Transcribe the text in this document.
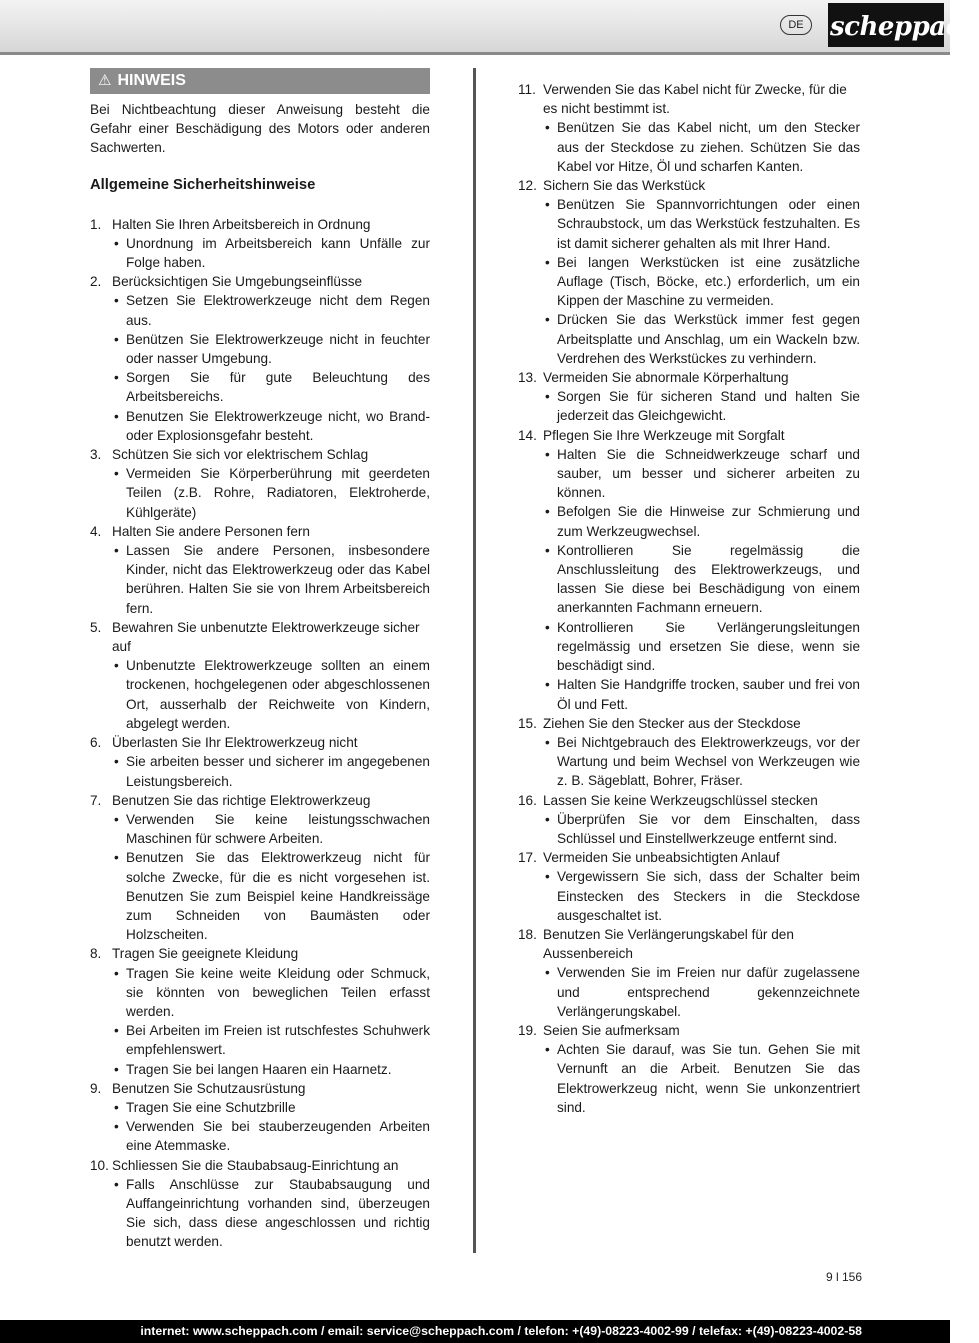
DE	scheppach
⚠ HINWEIS

Bei Nichtbeachtung dieser Anweisung besteht die Gefahr einer Beschädigung des Motors oder anderen Sachwerten.

Allgemeine Sicherheitshinweise
1. Halten Sie Ihren Arbeitsbereich in Ordnung
• Unordnung im Arbeitsbereich kann Unfälle zur Folge haben.
2. Berücksichtigen Sie Umgebungseinflüsse
• Setzen Sie Elektrowerkzeuge nicht dem Regen aus.
• Benützen Sie Elektrowerkzeuge nicht in feuchter oder nasser Umgebung.
• Sorgen Sie für gute Beleuchtung des Arbeitsbereichs.
• Benutzen Sie Elektrowerkzeuge nicht, wo Brand- oder Explosionsgefahr besteht.
3. Schützen Sie sich vor elektrischem Schlag
• Vermeiden Sie Körperberührung mit geerdeten Teilen (z.B. Rohre, Radiatoren, Elektroherde, Kühlgeräte)
4. Halten Sie andere Personen fern
• Lassen Sie andere Personen, insbesondere Kinder, nicht das Elektrowerkzeug oder das Kabel berühren. Halten Sie sie von Ihrem Arbeitsbereich fern.
5. Bewahren Sie unbenutzte Elektrowerkzeuge sicher auf
• Unbenutzte Elektrowerkzeuge sollten an einem trockenen, hochgelegenen oder abgeschlossenen Ort, ausserhalb der Reichweite von Kindern, abgelegt werden.
6. Überlasten Sie Ihr Elektrowerkzeug nicht
• Sie arbeiten besser und sicherer im angegebenen Leistungsbereich.
7. Benutzen Sie das richtige Elektrowerkzeug
• Verwenden Sie keine leistungsschwachen Maschinen für schwere Arbeiten.
• Benutzen Sie das Elektrowerkzeug nicht für solche Zwecke, für die es nicht vorgesehen ist. Benutzen Sie zum Beispiel keine Handkreissäge zum Schneiden von Baumästen oder Holzscheiten.
8. Tragen Sie geeignete Kleidung
• Tragen Sie keine weite Kleidung oder Schmuck, sie könnten von beweglichen Teilen erfasst werden.
• Bei Arbeiten im Freien ist rutschfestes Schuhwerk empfehlenswert.
• Tragen Sie bei langen Haaren ein Haarnetz.
9. Benutzen Sie Schutzausrüstung
• Tragen Sie eine Schutzbrille
• Verwenden Sie bei stauberzeugenden Arbeiten eine Atemmaske.
10. Schliessen Sie die Staubabsaug-Einrichtung an
• Falls Anschlüsse zur Staubabsaugung und Auffangeinrichtung vorhanden sind, überzeugen Sie sich, dass diese angeschlossen und richtig benutzt werden.
11. Verwenden Sie das Kabel nicht für Zwecke, für die es nicht bestimmt ist.
• Benützen Sie das Kabel nicht, um den Stecker aus der Steckdose zu ziehen. Schützen Sie das Kabel vor Hitze, Öl und scharfen Kanten.
12. Sichern Sie das Werkstück
• Benützen Sie Spannvorrichtungen oder einen Schraubstock, um das Werkstück festzuhalten. Es ist damit sicherer gehalten als mit Ihrer Hand.
• Bei langen Werkstücken ist eine zusätzliche Auflage (Tisch, Böcke, etc.) erforderlich, um ein Kippen der Maschine zu vermeiden.
• Drücken Sie das Werkstück immer fest gegen Arbeitsplatte und Anschlag, um ein Wackeln bzw. Verdrehen des Werkstückes zu verhindern.
13. Vermeiden Sie abnormale Körperhaltung
• Sorgen Sie für sicheren Stand und halten Sie jederzeit das Gleichgewicht.
14. Pflegen Sie Ihre Werkzeuge mit Sorgfalt
• Halten Sie die Schneidwerkzeuge scharf und sauber, um besser und sicherer arbeiten zu können.
• Befolgen Sie die Hinweise zur Schmierung und zum Werkzeugwechsel.
• Kontrollieren Sie regelmässig die Anschlussleitung des Elektrowerkzeugs, und lassen Sie diese bei Beschädigung von einem anerkannten Fachmann erneuern.
• Kontrollieren Sie Verlängerungsleitungen regelmässig und ersetzen Sie diese, wenn sie beschädigt sind.
• Halten Sie Handgriffe trocken, sauber und frei von Öl und Fett.
15. Ziehen Sie den Stecker aus der Steckdose
• Bei Nichtgebrauch des Elektrowerkzeugs, vor der Wartung und beim Wechsel von Werkzeugen wie z. B. Sägeblatt, Bohrer, Fräser.
16. Lassen Sie keine Werkzeugschlüssel stecken
• Überprüfen Sie vor dem Einschalten, dass Schlüssel und Einstellwerkzeuge entfernt sind.
17. Vermeiden Sie unbeabsichtigten Anlauf
• Vergewissern Sie sich, dass der Schalter beim Einstecken des Steckers in die Steckdose ausgeschaltet ist.
18. Benutzen Sie Verlängerungskabel für den Aussenbereich
• Verwenden Sie im Freien nur dafür zugelassene und entsprechend gekennzeichnete Verlängerungskabel.
19. Seien Sie aufmerksam
• Achten Sie darauf, was Sie tun. Gehen Sie mit Vernunft an die Arbeit. Benutzen Sie das Elektrowerkzeug nicht, wenn Sie unkonzentriert sind.
9 l 156
internet: www.scheppach.com / email: service@scheppach.com / telefon: +(49)-08223-4002-99 / telefax: +(49)-08223-4002-58
